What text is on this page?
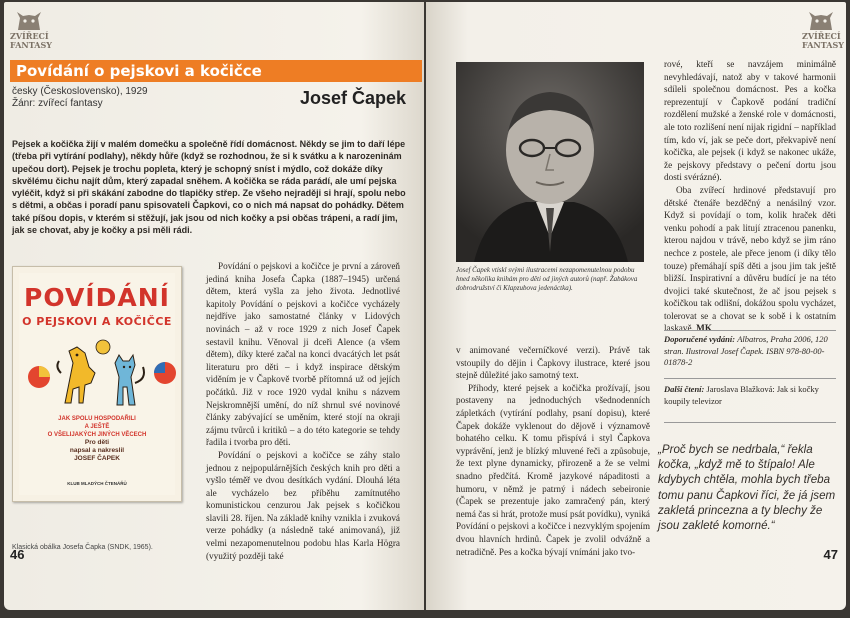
ZVÍŘECÍ FANTASY
Povídání o pejskovi a kočičce
česky (Československo), 1929
Žánr: zvířecí fantasy	Josef Čapek
Pejsek a kočička žijí v malém domečku a společně řídí domácnost. Někdy se jim to daří lépe (třeba při vytírání podlahy), někdy hůře (když se rozhodnou, že si k svátku a k narozeninám upečou dort). Pejsek je trochu popleta, který je schopný sníst i mýdlo, což dokáže díky skvělému čichu najít dům, který zapadal sněhem. A kočička se ráda parádí, ale umí pejska vyléčit, když si při skákání zabodne do tlapičky střep. Ze všeho nejraději si hrají, spolu nebo s dětmi, a občas i poradí panu spisovateli Čapkovi, co o nich má napsat do pohádky. Dětem také píšou dopis, v kterém si stěžují, jak jsou od nich kočky a psi občas trápeni, a radí jim, jak se chovat, aby je kočky a psi měli rádi.
POVÍDÁNÍ
O PEJSKOVI A KOČIČCE
JAK SPOLU HOSPODAŘILI
A JEŠTĚ
O VŠELIJAKÝCH JINÝCH VĚCECH
Pro děti
napsal a nakreslil
JOSEF ČAPEK
KLUB MLADÝCH ČTENÁŘŮ
Klasická obálka Josefa Čapka (SNDK, 1965).

Povídání o pejskovi a kočičce je první a zároveň jediná kniha Josefa Čapka (1887–1945) určená dětem, která vyšla za jeho života. Jednotlivé kapitoly Povídání o pejskovi a kočičce vycházely nejdříve jako samostatné články v Lidových novinách – až v roce 1929 z nich Josef Čapek sestavil knihu. Věnoval ji dceři Alence (a všem dětem), díky které začal na konci dvacátých let psát literaturu pro děti – i když inspirace dětským viděním je v Čapkově tvorbě přítomná už od jejích počátků. Již v roce 1920 vydal knihu s názvem Nejskromnější umění, do níž shrnul své novinové články zabývající se uměním, které stojí na okraji zájmu tvůrců i kritiků – a do této kategorie se tehdy řadila i tvorba pro děti.

Povídání o pejskovi a kočičce se záhy stalo jednou z nejpopulárnějších českých knih pro děti a vyšlo téměř ve dvou desítkách vydání. Dlouhá léta ale vycházelo bez příběhu zamítnutého komunistickou cenzurou Jak pejsek s kočičkou slavili 28. říjen. Na základě knihy vznikla i zvuková verze pohádky (a následně také animovaná), již velmi nezapomenutelnou podobu hlas Karla Högra (využitý později také

46
ZVÍŘECÍ FANTASY
Josef Čapek vtiskl svými ilustracemi nezapomenutelnou podobu hned několika knihám pro děti od jiných autorů (např. Žabákova dobrodružství či Klapzubova jedenáctka).

v animované večerníčkové verzi). Právě tak vstoupily do dějin i Čapkovy ilustrace, které jsou stejně důležité jako samotný text.

Příhody, které pejsek a kočička prožívají, jsou postaveny na jednoduchých všednodenních zápletkách (vytírání podlahy, psaní dopisu), které Čapek dokáže vyklenout do dějově i významově bohatého celku. K tomu přispívá i styl Čapkova vyprávění, jenž je blízký mluvené řeči a způsobuje, že text plyne dynamicky, přirozeně a že se velmi snadno předčítá. Kromě jazykové nápaditosti a humoru, v němž je patrný i nádech sebeironie (Čapek se prezentuje jako zamračený pán, který nemá čas si hrát, protože musí psát povídku), vyniká Povídání o pejskovi a kočičce i nezvyklým spojením dvou hlavních hrdinů. Čapek je zvolil odvážně a netradičně. Pes a kočka bývají vnímáni jako tvo-

rové, kteří se navzájem minimálně nevyhledávají, natož aby v takové harmonii sdíleli společnou domácnost. Pes a kočka reprezentují v Čapkově podání tradiční rozdělení mužské a ženské role v domácnosti, ale toto rozlišení není nijak rigidní – například tím, kdo ví, jak se peče dort, překvapivě není kočička, ale pejsek (i když se nakonec ukáže, že pejskovy představy o pečení dortu jsou dosti svérázné).

Oba zvířecí hrdinové představují pro dětské čtenáře bezděčný a nenásilný vzor. Když si povídají o tom, kolik hraček děti venku pohodí a pak litují ztracenou panenku, kterou najdou v trávě, nebo když se jim ráno nechce z postele, ale přece jenom (i díky tělo touze) přemáhají spíš děti a jsou jim tak ještě bližší. Inspirativní a důvěru budící je na této dvojici také skutečnost, že ač jsou pejsek s kočičkou tak odlišní, dokážou spolu vycházet, tolerovat se a chovat se k sobě i k ostatním laskavě. MK

Doporučené vydání: Albatros, Praha 2006, 120 stran. Ilustroval Josef Čapek. ISBN 978-80-00-01878-2
Další čtení: Jaroslava Blažková: Jak si kočky koupily televizor
„Proč bych se nedrbala,“ řekla kočka, „když mě to štípalo! Ale kdybych chtěla, mohla bych třeba tomu panu Čapkovi říci, že já jsem zakletá princezna a ty blechy že jsou zakleté komorné.“
47
